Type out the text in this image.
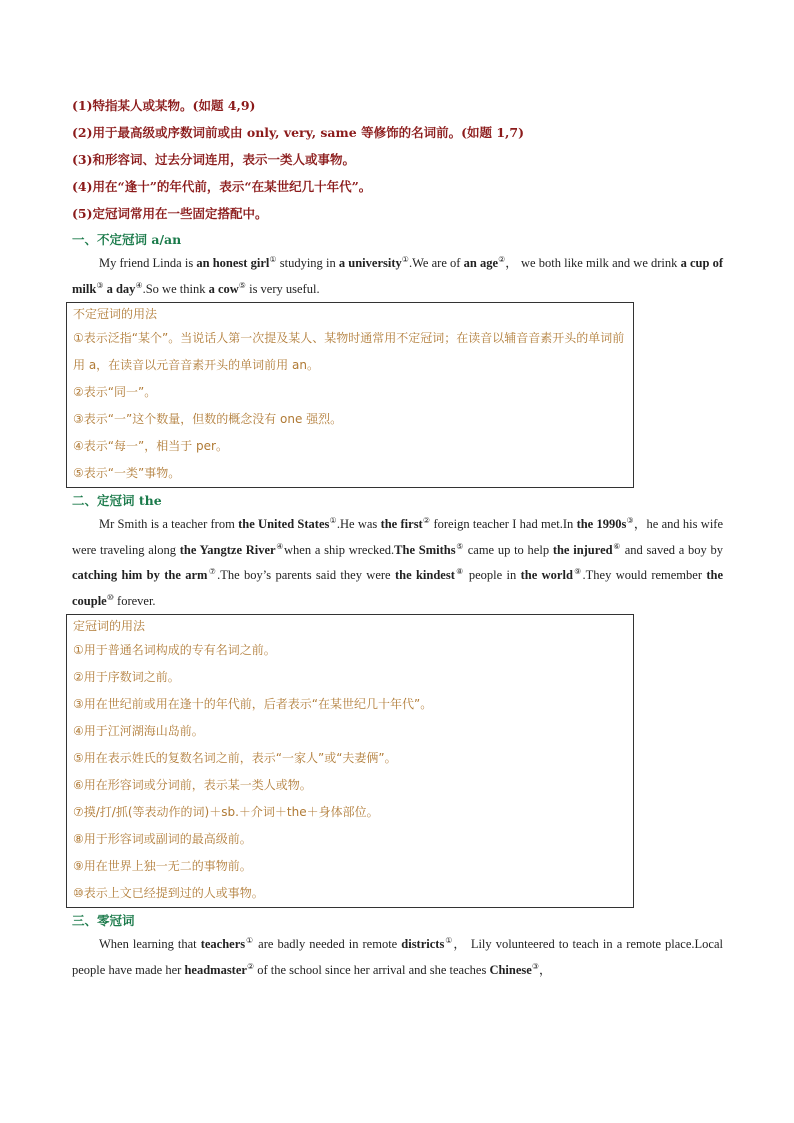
(1)特指某人或某物。(如题 4,9)
(2)用于最高级或序数词前或由 only, very, same 等修饰的名词前。(如题 1,7)
(3)和形容词、过去分词连用，表示一类人或事物。
(4)用在“逢十”的年代前，表示“在某世纪几十年代”。
(5)定冠词常用在一些固定搭配中。
一、不定冠词 a/an
My friend Linda is an honest girl① studying in a university①.We are of an age②， we both like milk and we drink a cup of milk③ a day④.So we think a cow⑤ is very useful.
不定冠词的用法
①表示泛指“某个”。当说话人第一次提及某人、某物时通常用不定冠词；在读音以辅音音素开头的单词前用 a，在读音以元音音素开头的单词前用 an。
②表示“同一”。
③表示“一”这个数量，但数的概念没有 one 强烈。
④表示“每一”，相当于 per。
⑤表示“一类”事物。
二、定冠词 the
Mr Smith is a teacher from the United States①.He was the first② foreign teacher I had met.In the 1990s③，he and his wife were traveling along the Yangtze River④when a ship wrecked.The Smiths⑤ came up to help the injured⑥ and saved a boy by catching him by the arm⑦.The boy’s parents said they were the kindest⑧ people in the world⑨.They would remember the couple⑩ forever.
定冠词的用法
①用于普通名词构成的专有名词之前。
②用于序数词之前。
③用在世纪前或用在逢十的年代前，后者表示“在某世纪几十年代”。
④用于江河湖海山岛前。
⑤用在表示姓氏的复数名词之前，表示“一家人”或“夫妻俩”。
⑥用在形容词或分词前，表示某一类人或物。
⑦摸/打/抓(等表动作的词)＋sb.＋介词＋the＋身体部位。
⑧用于形容词或副词的最高级前。
⑨用在世界上独一无二的事物前。
⑩表示上文已经提到过的人或事物。
三、零冠词
When learning that teachers① are badly needed in remote districts①， Lily volunteered to teach in a remote place.Local people have made her headmaster② of the school since her arrival and she teaches Chinese③，
